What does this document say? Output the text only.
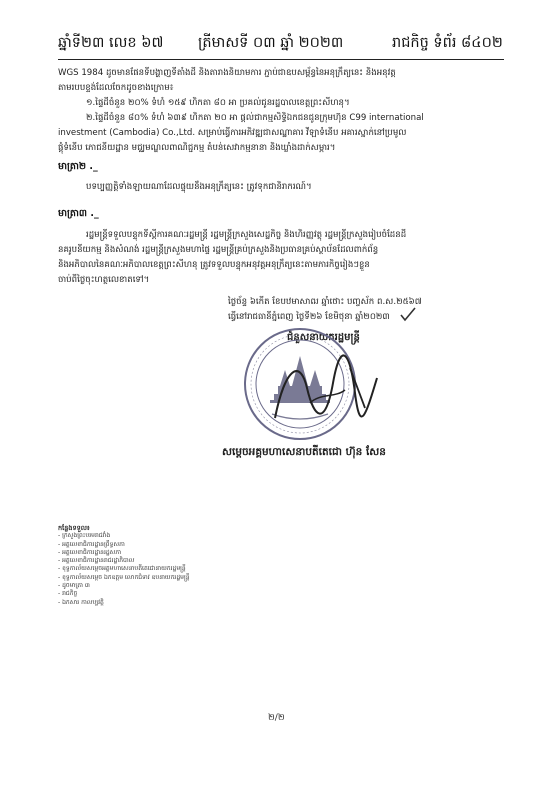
ឆ្នាំទី២៣ លេខ ៦៧ ត្រីមាសទី ០៣ ឆ្នាំ ២០២៣	រាជកិច្ច ទំព័រ ៨៤០២

WGS 1984 ដូចមានផែនទីបង្ហាញទីតាំងដី និងតារាងនិយាមការ ភ្ជាប់ជាឧបសម្ព័ន្ធនៃអនុក្រឹត្យនេះ និងអនុវត្ត

តាមរបបខ្ទង់ដែលចែកដូចខាងក្រោម៖

១.ផ្ទៃដីចំនួន ២០% ទំហំ ១៥៩ ហិកតា ៨០ អា ប្រគល់ជូនរដ្ឋបាលខេត្តព្រះសីហនុ។

២.ផ្ទៃដីចំនួន ៨០% ទំហំ ៦៣៩ ហិកតា ២០ អា ផ្ដល់ជាកម្មសិទ្ធិឯកជនជូនក្រុមហ៊ុន C99 international

investment (Cambodia) Co.,Ltd. សម្រាប់ធ្វើការអភិវឌ្ឍជាសណ្ឋាគារ វីឡាទំនើប អគារស្នាក់នៅប្រមូល

ផ្ដុំទំនើប ភោជនីយដ្ឋាន មជ្ឈមណ្ឌលពាណិជ្ជកម្ម តំបន់សេវាកម្មនានា និងឃ្លាំងដាក់សម្ភារ។

មាត្រា២ ._

បទប្បញ្ញត្តិទាំងឡាយណាដែលផ្ទុយនឹងអនុក្រឹត្យនេះ ត្រូវទុកជានិរាករណ៍។

មាត្រា៣ ._

រដ្ឋមន្ត្រីទទួលបន្ទុកទីស្ដីការគណៈរដ្ឋមន្ត្រី រដ្ឋមន្ត្រីក្រសួងសេដ្ឋកិច្ច និងហិរញ្ញវត្ថុ រដ្ឋមន្ត្រីក្រសួងរៀបចំដែនដី

នគរូបនីយកម្ម និងសំណង់ រដ្ឋមន្ត្រីក្រសួងមហាផ្ទៃ រដ្ឋមន្ត្រីគ្រប់ក្រសួងនិងប្រធានគ្រប់ស្ថាប័នដែលពាក់ព័ន្ធ

និងអភិបាលនៃគណៈអភិបាលខេត្តព្រះសីហនុ ត្រូវទទួលបន្ទុកអនុវត្តអនុក្រឹត្យនេះតាមភារកិច្ចរៀងៗខ្លួន

ចាប់ពីថ្ងៃចុះហត្ថលេខាតទៅ។

ថ្ងៃច័ន្ទ ៦កើត ខែបឋមាសាឍ ឆ្នាំថោះ បញ្ចស័ក ព.ស.២៥៦៧
ធ្វើនៅរាជធានីភ្នំពេញ ថ្ងៃទី២៦ ខែមិថុនា ឆ្នាំ២០២៣
ជំនួសនាយករដ្ឋមន្ត្រី
សម្ដេចអគ្គមហាសេនាបតីតេជោ ហ៊ុន សែន
កន្លែងទទួល៖
- ក្រសួងព្រះបរមរាជវាំង
- អគ្គលេខាធិការដ្ឋានព្រឹទ្ធសភា
- អគ្គលេខាធិការដ្ឋានរដ្ឋសភា
- អគ្គលេខាធិការដ្ឋានរាជរដ្ឋាភិបាល
- ខុទ្ទកាល័យសម្ដេចអគ្គមហាសេនាបតីតេជោនាយករដ្ឋមន្ត្រី
- ខុទ្ទកាល័យសម្ដេច ឯកឧត្ដម លោកជំទាវ ឧបនាយករដ្ឋមន្ត្រី
- ដូចមាត្រា ៣
- រាជកិច្ច
- ឯកសារ កាលប្បវត្តិ
២/២
